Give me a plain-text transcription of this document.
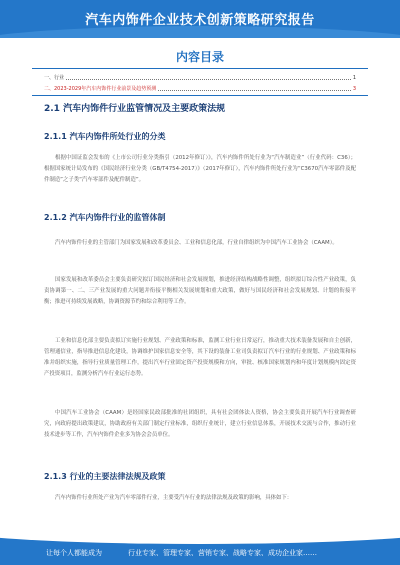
汽车内饰件企业技术创新策略研究报告
内容目录
一、行业	1
二、2023-2029年汽车内饰件行业前景及趋势预测	3
2.1 汽车内饰件行业监管情况及主要政策法规
2.1.1 汽车内饰件所处行业的分类

根据中国证监会发布的《上市公司行业分类指引（2012年修订）》，汽车内饰件所处行业为“汽车制造业”（行业代码：C36）；根据国家统计局发布的《国民经济行业分类（GB/T4754-2017）》（2017年修订），汽车内饰件所处行业为“C3670汽车零部件及配件制造”之子类“汽车零部件及配件制造”。

2.1.2 汽车内饰件行业的监管体制

汽车内饰件行业的主管部门为国家发展和改革委员会、工业和信息化部，行业自律组织为中国汽车工业协会（CAAM）。

国家发展和改革委员会主要负责研究拟订国民经济和社会发展规划，推进经济结构战略性调整，组织拟订综合性产业政策，负责协调第一、二、三产业发展的重大问题并衔接平衡相关发展规划和重大政策，做好与国民经济和社会发展规划、计划的衔接平衡；推进可持续发展战略，协调资源节约和综合利用等工作。

工业和信息化部主要负责拟订实施行业规划、产业政策和标准，监测工业行业日常运行，推动重大技术装备发展和自主创新，管理通信业，指导推进信息化建设，协调维护国家信息安全等，其下设的装备工业司负责拟订汽车行业的行业规划、产业政策和标准并组织实施，指导行业质量管理工作，提出汽车行业固定资产投资规模和方向，审批、核准国家规划内和年度计划规模内固定资产投资项目，监测分析汽车行业运行态势。

中国汽车工业协会（CAAM）是经国家民政部批准的社团组织，具有社会团体法人资格，协会主要负责开展汽车行业调查研究，向政府提出政策建议，协助政府有关部门制定行业标准，组织行业统计，建立行业信息体系，开展技术交流与合作，推动行业技术进步等工作，汽车内饰件企业多为协会会员单位。

2.1.3 行业的主要法律法规及政策

汽车内饰件行业所处产业为汽车零部件行业，主要受汽车行业的法律法规及政策的影响，具体如下：

让每个人都能成为	行业专家、管理专家、营销专家、战略专家、成功企业家……
